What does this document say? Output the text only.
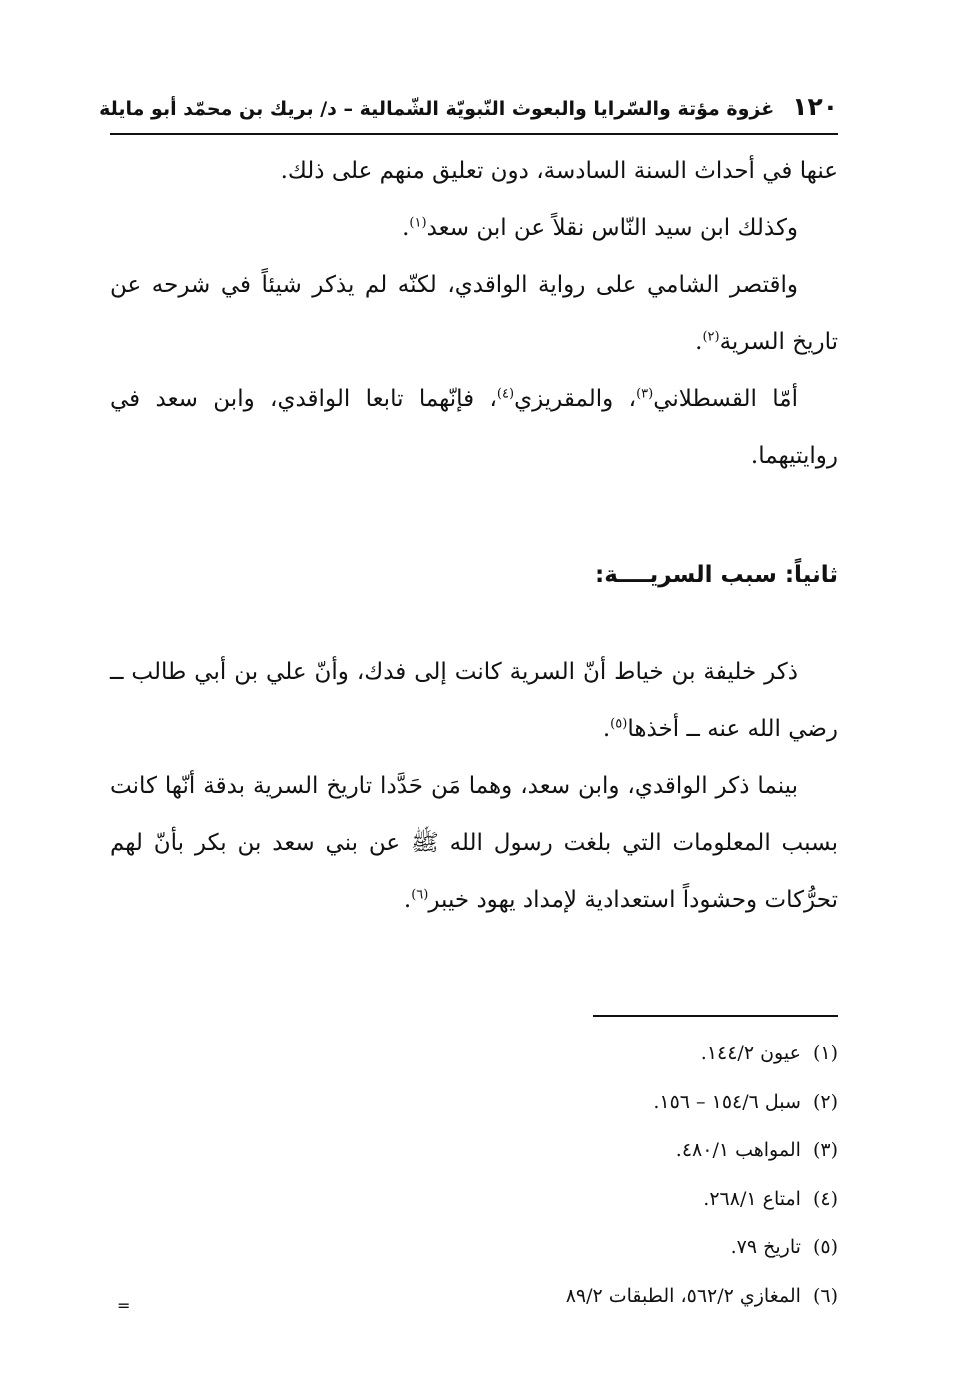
١٢٠
غزوة مؤتة والسّرايا والبعوث النّبويّة الشّمالية – د/ بريك بن محمّد أبو مايلة

عنها في أحداث السنة السادسة، دون تعليق منهم على ذلك.

وكذلك ابن سيد النّاس نقلاً عن ابن سعد$^{(١)}$.

واقتصر الشامي على رواية الواقدي، لكنّه لم يذكر شيئاً في شرحه عن تاريخ السرية$^{(٢)}$.

أمّا القسطلاني$^{(٣)}$، والمقريزي$^{(٤)}$، فإنّهما تابعا الواقدي، وابن سعد في روايتيهما.

ثانياً: سبب السريــــة:

ذكر خليفة بن خياط أنّ السرية كانت إلى فدك، وأنّ علي بن أبي طالب ــ رضي الله عنه ــ أخذها$^{(٥)}$.

بينما ذكر الواقدي، وابن سعد، وهما مَن حَدَّدا تاريخ السرية بدقة أنّها كانت بسبب المعلومات التي بلغت رسول الله ﷺ عن بني سعد بن بكر بأنّ لهم تحرُّكات وحشوداً استعدادية لإمداد يهود خيبر$^{(٦)}$.

(١)عيون ١٤٤/٢.
(٢)سبل ١٥٤/٦ – ١٥٦.
(٣)المواهب ٤٨٠/١.
(٤)امتاع ٢٦٨/١.
(٥)تاريخ ٧٩.
(٦)المغازي ٥٦٢/٢، الطبقات ٨٩/٢
=
